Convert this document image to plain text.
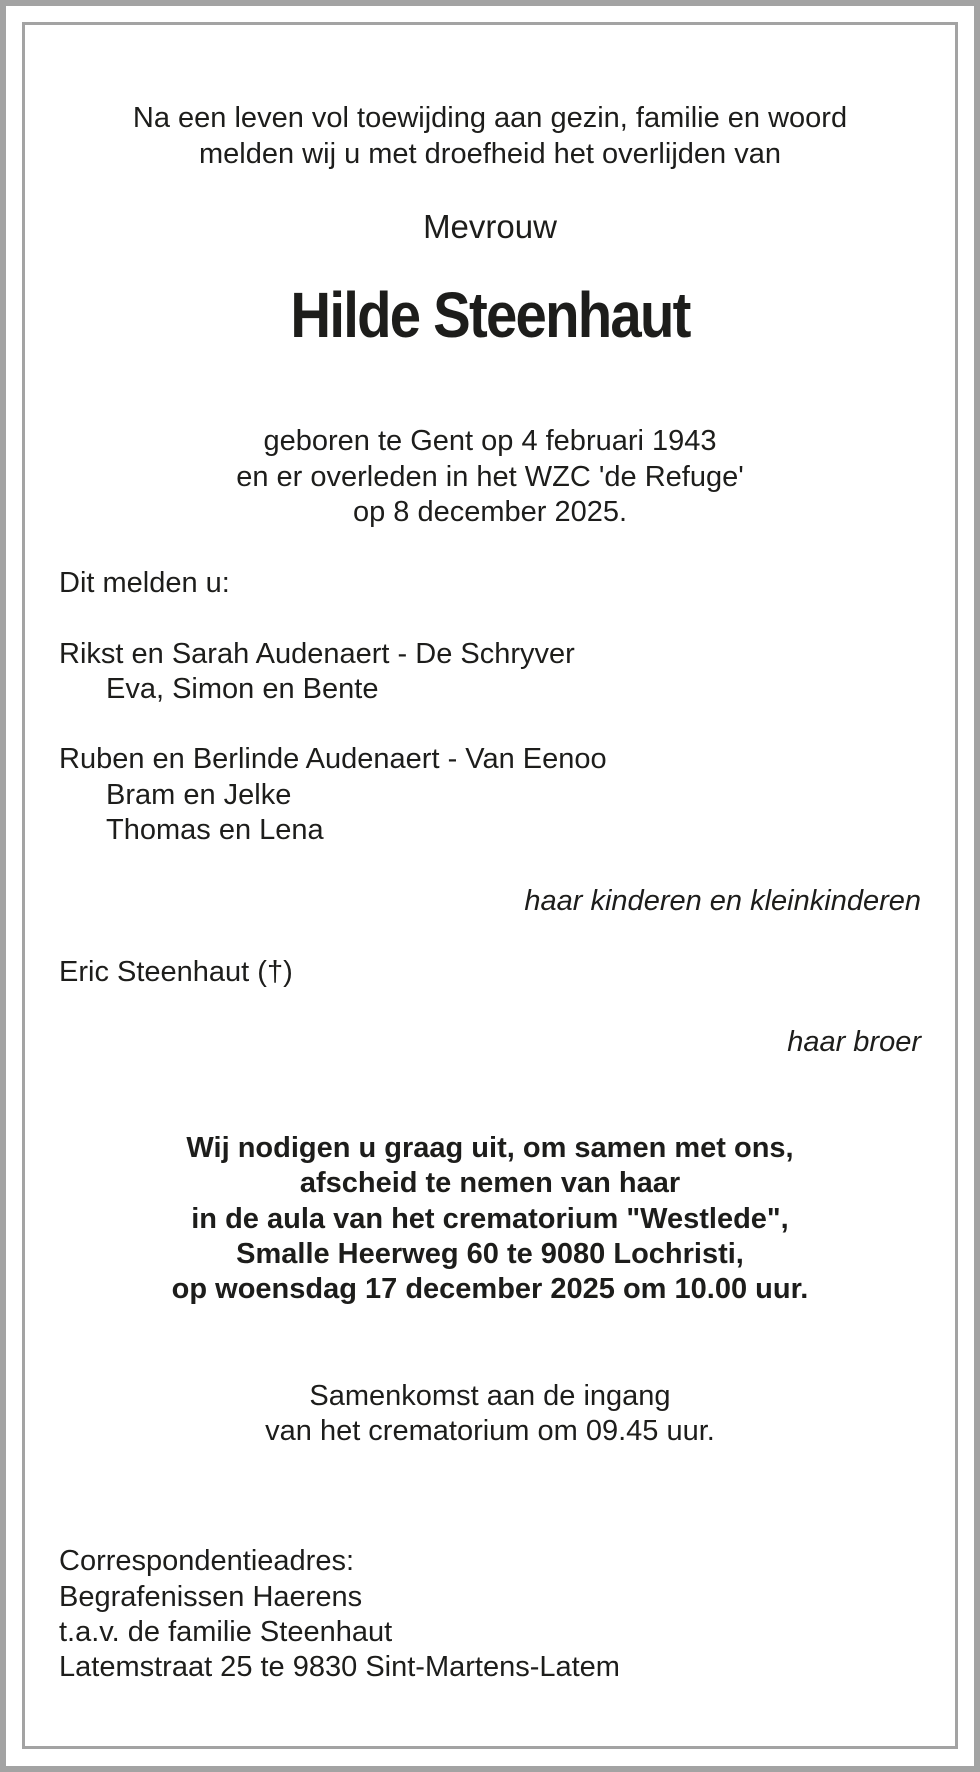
Na een leven vol toewijding aan gezin, familie en woord

melden wij u met droefheid het overlijden van

Mevrouw

Hilde Steenhaut

geboren te Gent op 4 februari 1943

en er overleden in het WZC 'de Refuge'

op 8 december 2025.

Dit melden u:

Rikst en Sarah Audenaert - De Schryver

Eva, Simon en Bente

Ruben en Berlinde Audenaert - Van Eenoo

Bram en Jelke

Thomas en Lena

haar kinderen en kleinkinderen

Eric Steenhaut (†)

haar broer

Wij nodigen u graag uit, om samen met ons,

afscheid te nemen van haar

in de aula van het crematorium "Westlede",

Smalle Heerweg 60 te 9080 Lochristi,

op woensdag 17 december 2025 om 10.00 uur.

Samenkomst aan de ingang

van het crematorium om 09.45 uur.

Correspondentieadres:

Begrafenissen Haerens

t.a.v. de familie Steenhaut

Latemstraat 25 te 9830 Sint-Martens-Latem
